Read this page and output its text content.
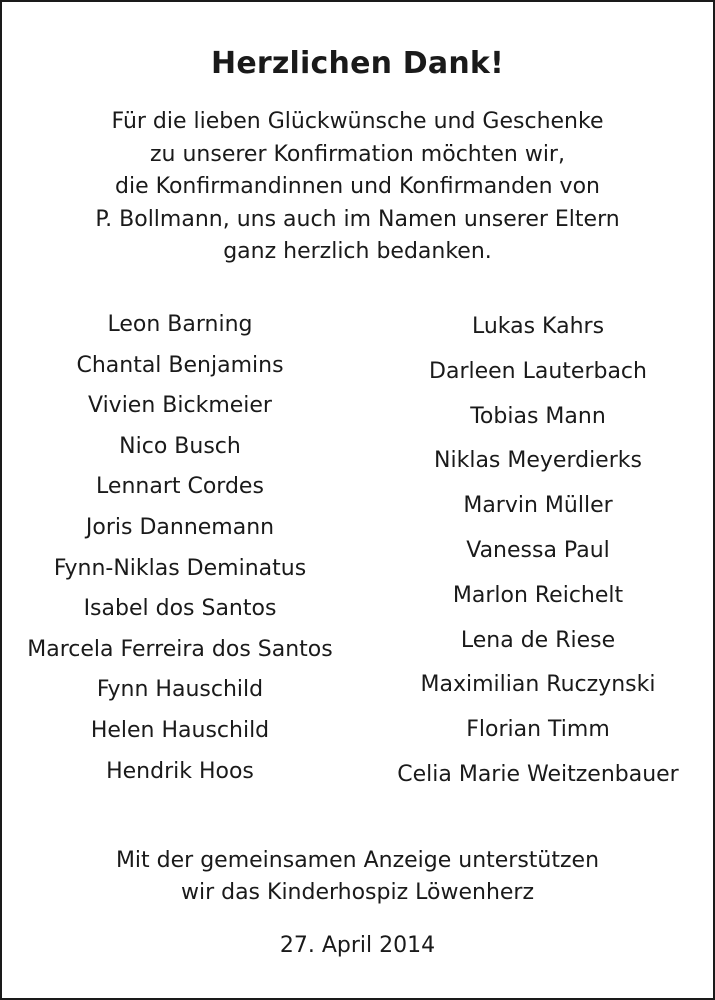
Herzlichen Dank!
Für die lieben Glückwünsche und Geschenke
zu unserer Konfirmation möchten wir,
die Konfirmandinnen und Konfirmanden von
P. Bollmann, uns auch im Namen unserer Eltern
ganz herzlich bedanken.
Leon Barning
Chantal Benjamins
Vivien Bickmeier
Nico Busch
Lennart Cordes
Joris Dannemann
Fynn-Niklas Deminatus
Isabel dos Santos
Marcela Ferreira dos Santos
Fynn Hauschild
Helen Hauschild
Hendrik Hoos
Lukas Kahrs
Darleen Lauterbach
Tobias Mann
Niklas Meyerdierks
Marvin Müller
Vanessa Paul
Marlon Reichelt
Lena de Riese
Maximilian Ruczynski
Florian Timm
Celia Marie Weitzenbauer
Mit der gemeinsamen Anzeige unterstützen
wir das Kinderhospiz Löwenherz
27. April 2014
